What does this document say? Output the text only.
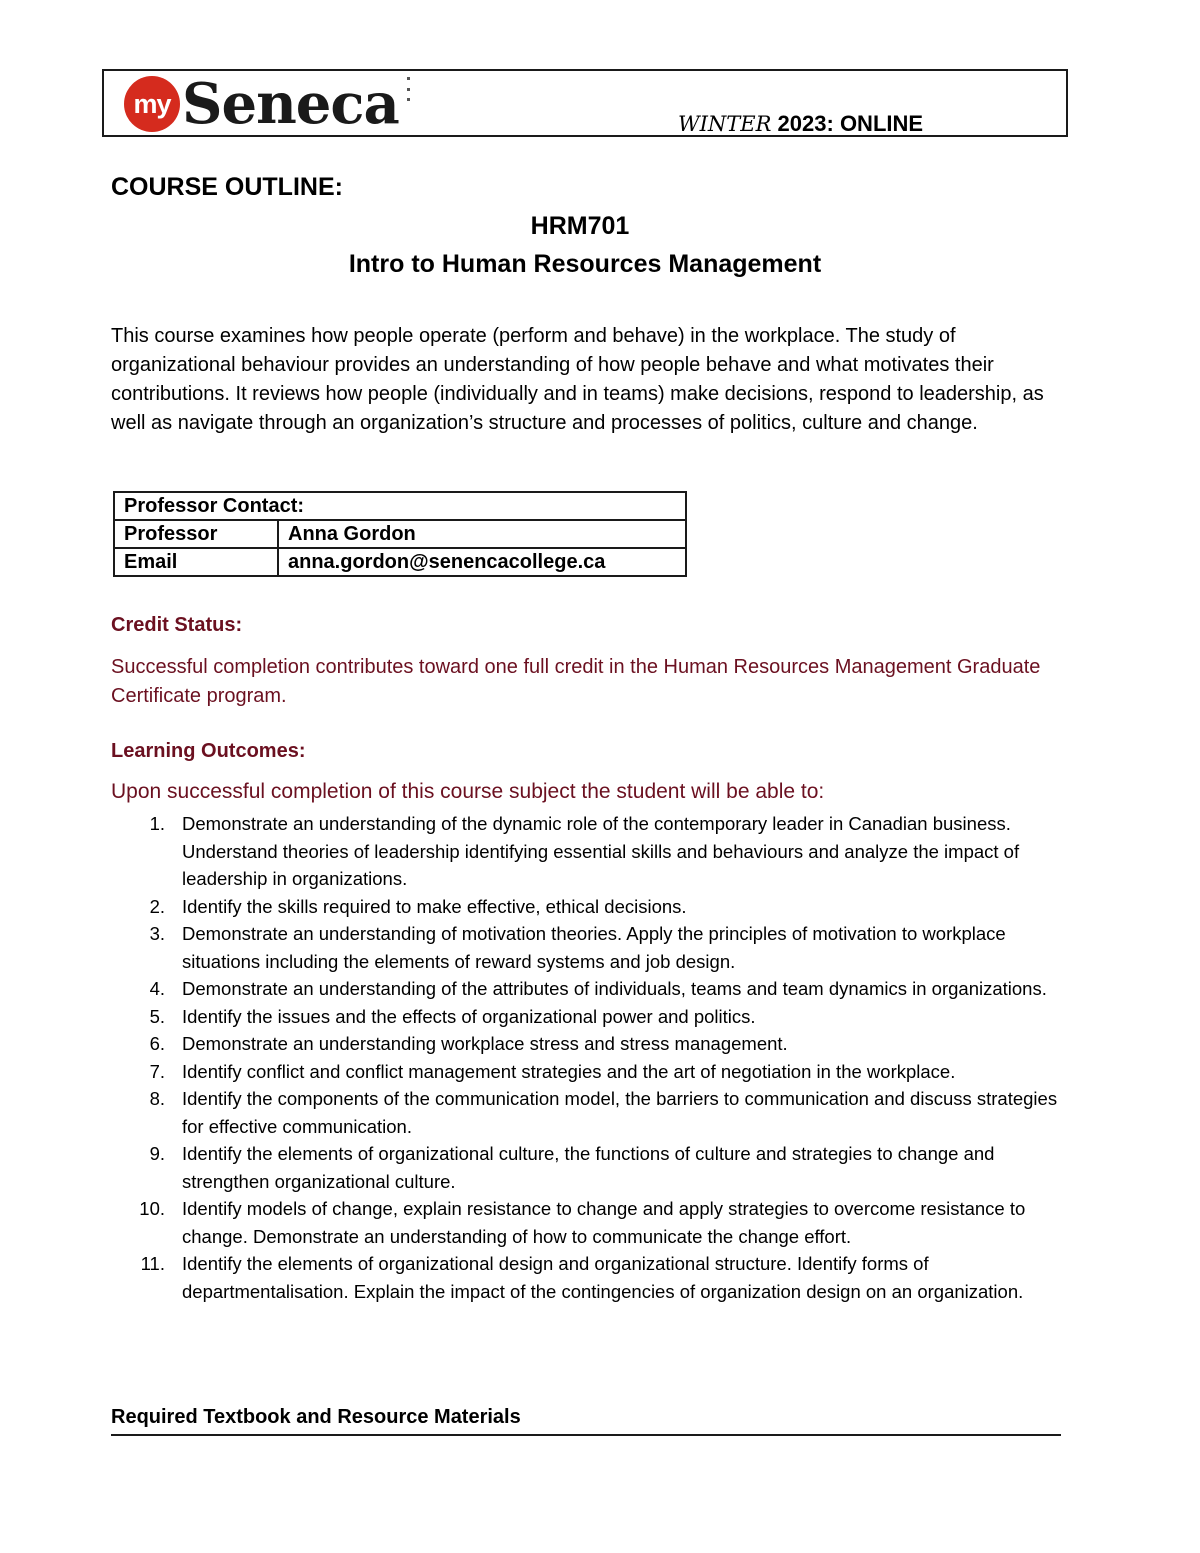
my Seneca	WINTER 2023: ONLINE
COURSE OUTLINE:
HRM701
Intro to Human Resources Management

This course examines how people operate (perform and behave) in the workplace. The study of organizational behaviour provides an understanding of how people behave and what motivates their contributions. It reviews how people (individually and in teams) make decisions, respond to leadership, as well as navigate through an organization’s structure and processes of politics, culture and change.

Professor Contact:	
Professor	Anna Gordon
Email	anna.gordon@senencacollege.ca
Credit Status:

Successful completion contributes toward one full credit in the Human Resources Management Graduate Certificate program.

Learning Outcomes:

Upon successful completion of this course subject the student will be able to:

1. Demonstrate an understanding of the dynamic role of the contemporary leader in Canadian business. Understand theories of leadership identifying essential skills and behaviours and analyze the impact of leadership in organizations.
2. Identify the skills required to make effective, ethical decisions.
3. Demonstrate an understanding of motivation theories. Apply the principles of motivation to workplace situations including the elements of reward systems and job design.
4. Demonstrate an understanding of the attributes of individuals, teams and team dynamics in organizations.
5. Identify the issues and the effects of organizational power and politics.
6. Demonstrate an understanding workplace stress and stress management.
7. Identify conflict and conflict management strategies and the art of negotiation in the workplace.
8. Identify the components of the communication model, the barriers to communication and discuss strategies for effective communication.
9. Identify the elements of organizational culture, the functions of culture and strategies to change and strengthen organizational culture.
10. Identify models of change, explain resistance to change and apply strategies to overcome resistance to change. Demonstrate an understanding of how to communicate the change effort.
11. Identify the elements of organizational design and organizational structure. Identify forms of departmentalisation. Explain the impact of the contingencies of organization design on an organization.
Required Textbook and Resource Materials
